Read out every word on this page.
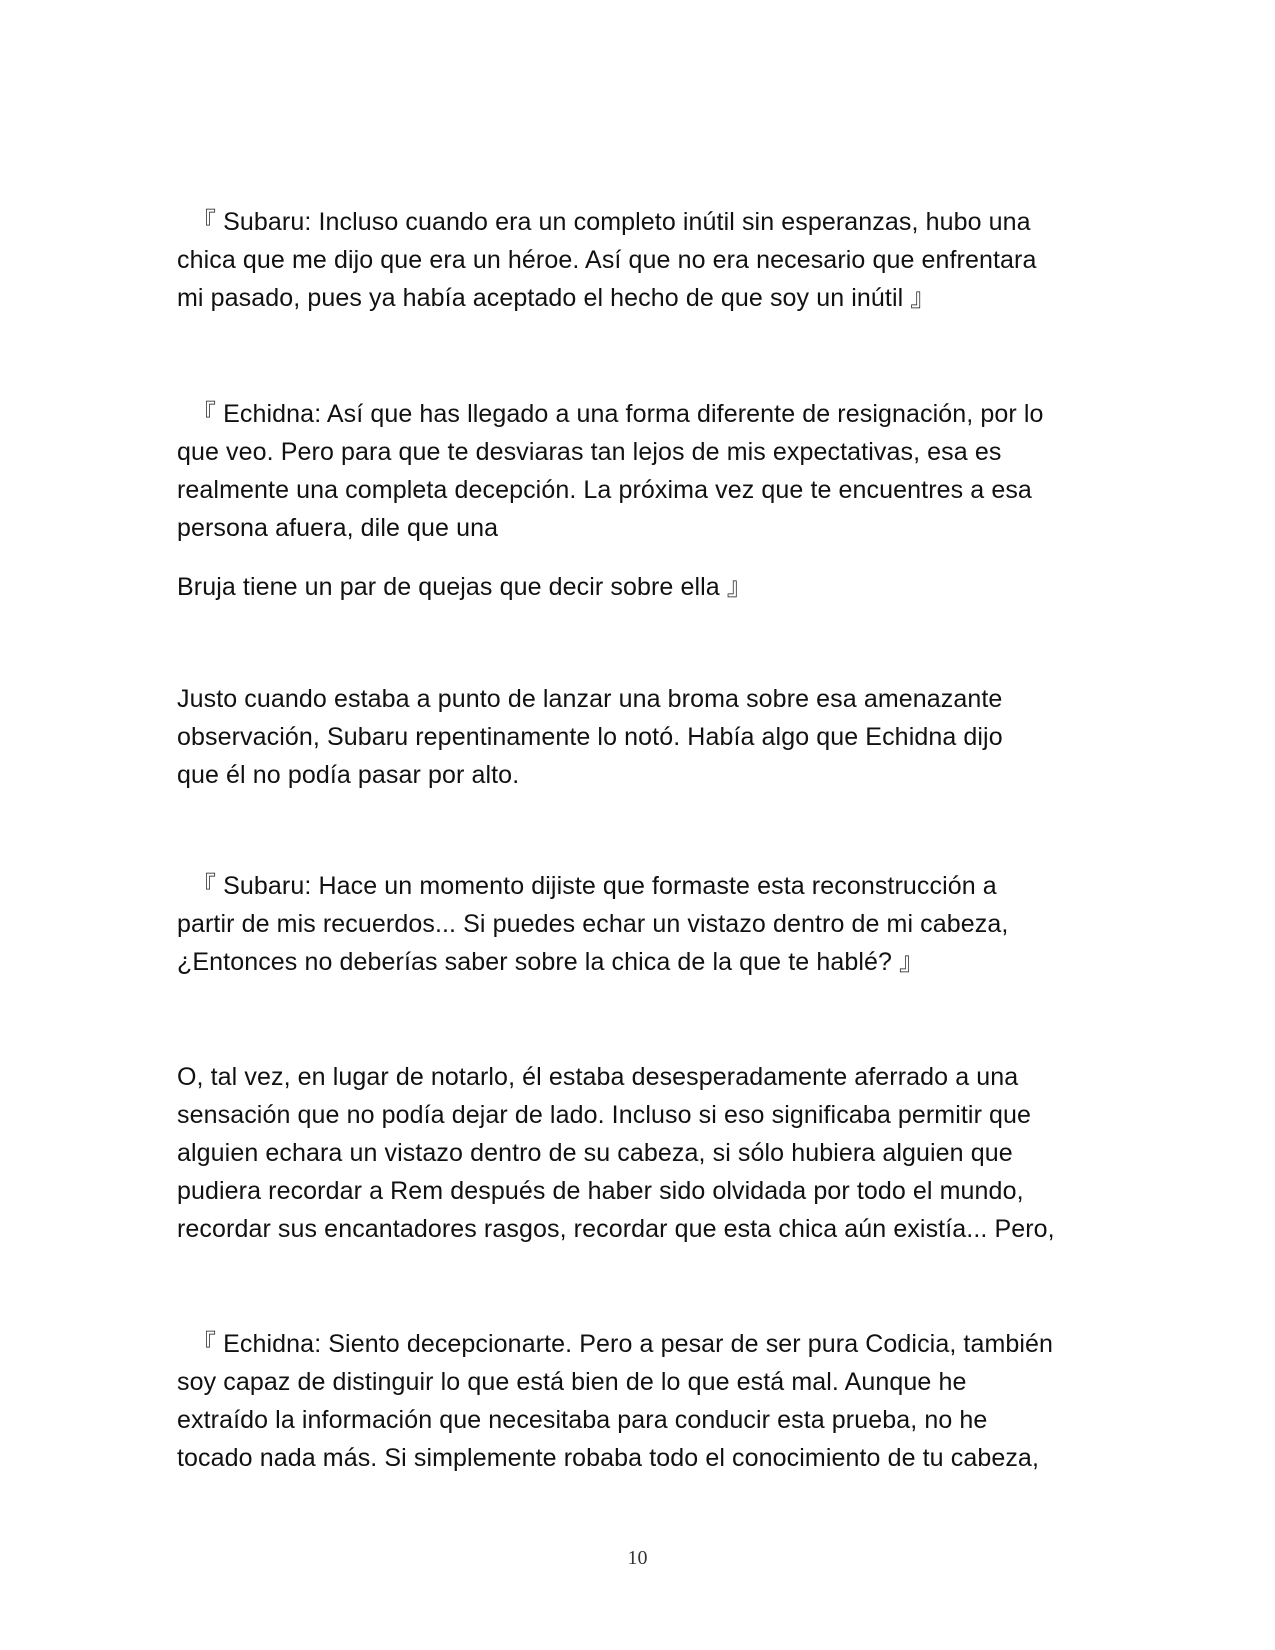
『 Subaru: Incluso cuando era un completo inútil sin esperanzas, hubo una
chica que me dijo que era un héroe. Así que no era necesario que enfrentara
mi pasado, pues ya había aceptado el hecho de que soy un inútil 』

『 Echidna: Así que has llegado a una forma diferente de resignación, por lo
que veo. Pero para que te desviaras tan lejos de mis expectativas, esa es
realmente una completa decepción. La próxima vez que te encuentres a esa
persona afuera, dile que una

Bruja tiene un par de quejas que decir sobre ella 』

Justo cuando estaba a punto de lanzar una broma sobre esa amenazante
observación, Subaru repentinamente lo notó. Había algo que Echidna dijo
que él no podía pasar por alto.

『 Subaru: Hace un momento dijiste que formaste esta reconstrucción a
partir de mis recuerdos... Si puedes echar un vistazo dentro de mi cabeza,
¿Entonces no deberías saber sobre la chica de la que te hablé? 』

O, tal vez, en lugar de notarlo, él estaba desesperadamente aferrado a una
sensación que no podía dejar de lado. Incluso si eso significaba permitir que
alguien echara un vistazo dentro de su cabeza, si sólo hubiera alguien que
pudiera recordar a Rem después de haber sido olvidada por todo el mundo,
recordar sus encantadores rasgos, recordar que esta chica aún existía... Pero,

『 Echidna: Siento decepcionarte. Pero a pesar de ser pura Codicia, también
soy capaz de distinguir lo que está bien de lo que está mal. Aunque he
extraído la información que necesitaba para conducir esta prueba, no he
tocado nada más. Si simplemente robaba todo el conocimiento de tu cabeza,

10
